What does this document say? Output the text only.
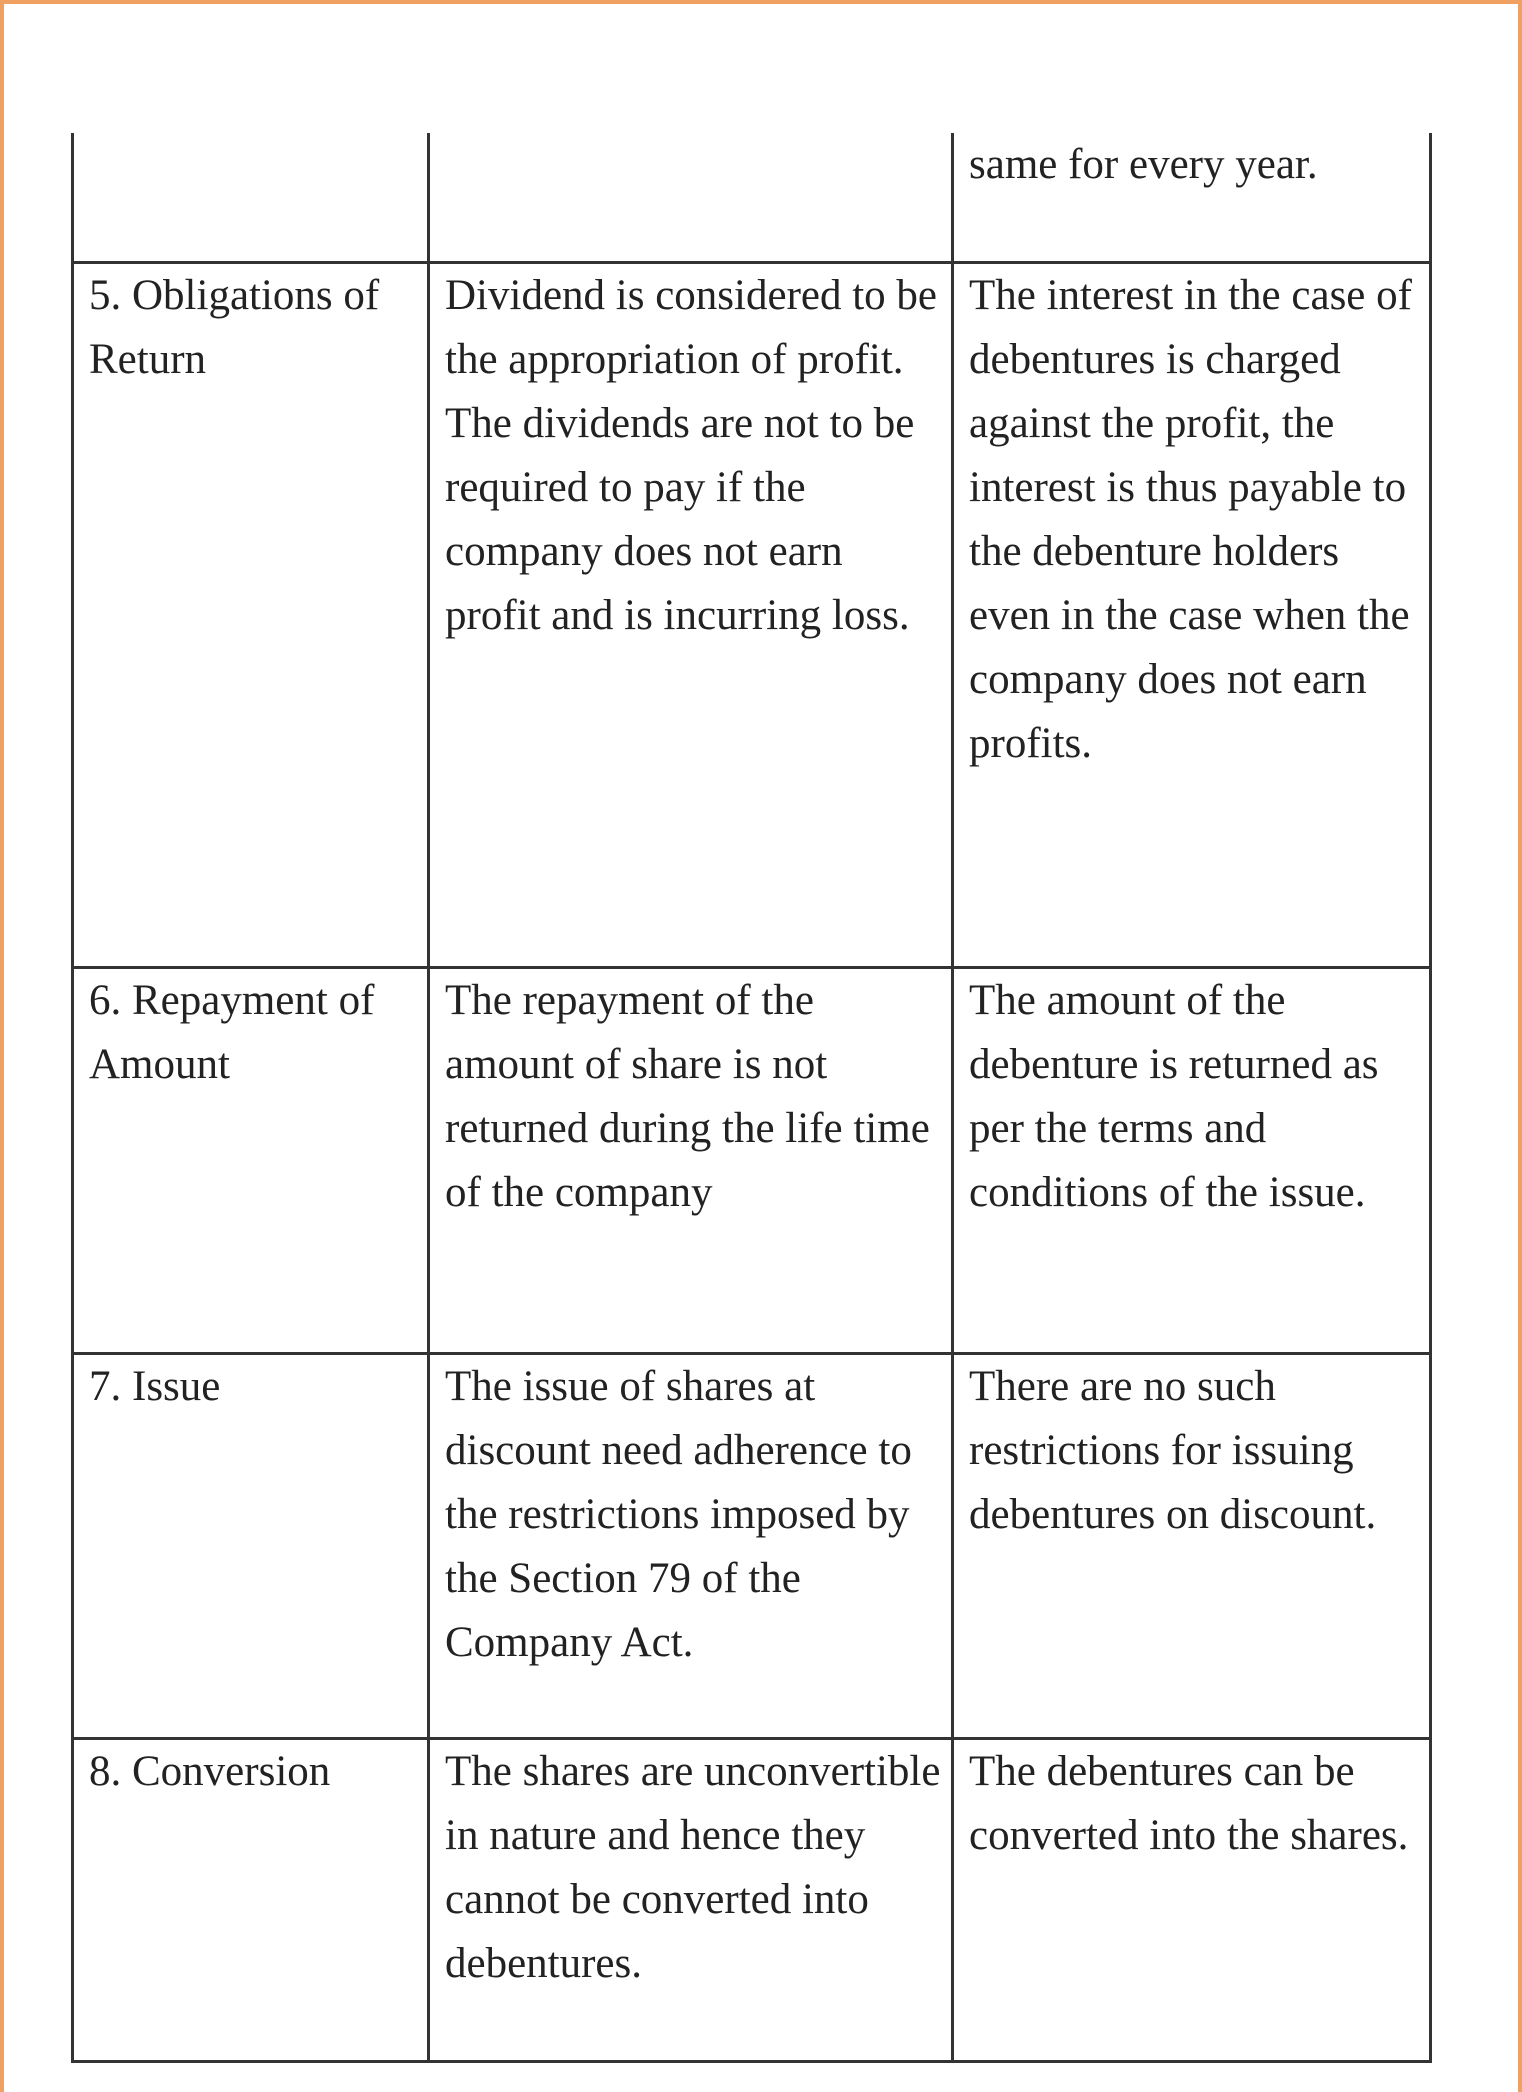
		same for every year.
5. Obligations of Return	Dividend is considered to be the appropriation of profit. The dividends are not to be required to pay if the company does not earn profit and is incurring loss.	The interest in the case of debentures is charged against the profit, the interest is thus payable to the debenture holders even in the case when the company does not earn profits.
6. Repayment of Amount	The repayment of the amount of share is not returned during the life time of the company	The amount of the debenture is returned as per the terms and conditions of the issue.
7. Issue	The issue of shares at discount need adherence to the restrictions imposed by the Section 79 of the Company Act.	There are no such restrictions for issuing debentures on discount.
8. Conversion	The shares are unconvertible in nature and hence they cannot be converted into debentures.	The debentures can be converted into the shares.
